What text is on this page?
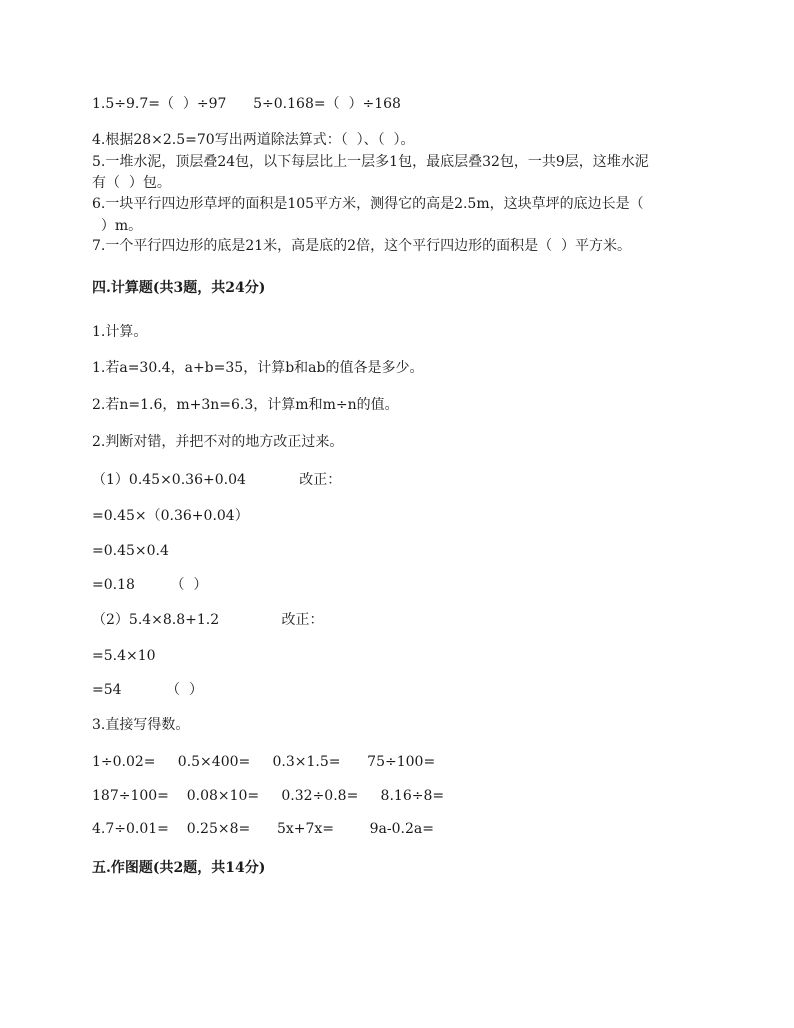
1.5÷9.7=（  ）÷97      5÷0.168=（  ）÷168
4.根据28×2.5=70写出两道除法算式：（  ）、（  ）。
5.一堆水泥，顶层叠24包，以下每层比上一层多1包，最底层叠32包，一共9层，这堆水泥
有（  ）包。
6.一块平行四边形草坪的面积是105平方米，测得它的高是2.5m，这块草坪的底边长是（
）m。
7.一个平行四边形的底是21米，高是底的2倍，这个平行四边形的面积是（  ）平方米。
四.计算题(共3题，共24分)
1.计算。
1.若a=30.4，a+b=35，计算b和ab的值各是多少。
2.若n=1.6，m+3n=6.3，计算m和m÷n的值。
2.判断对错，并把不对的地方改正过来。
（1）0.45×0.36+0.04            改正：
=0.45×（0.36+0.04）
=0.45×0.4
=0.18        （  ）
（2）5.4×8.8+1.2              改正：
=5.4×10
=54          （  ）
3.直接写得数。
1÷0.02=     0.5×400=     0.3×1.5=      75÷100=
187÷100=    0.08×10=     0.32÷0.8=     8.16÷8=
4.7÷0.01=    0.25×8=      5x+7x=        9a-0.2a=
五.作图题(共2题，共14分)
